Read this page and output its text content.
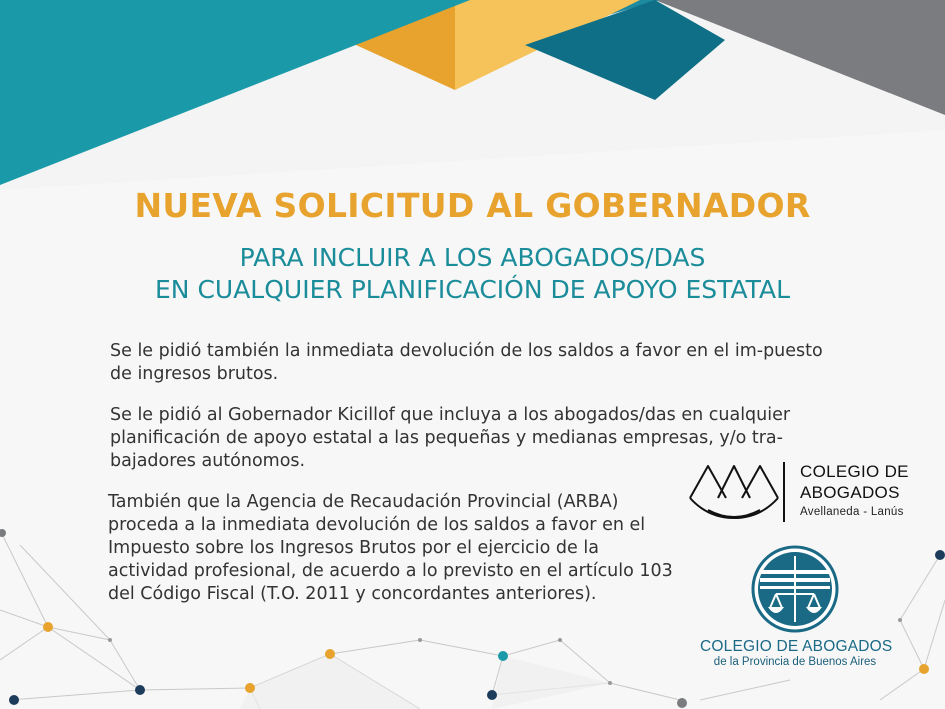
NUEVA SOLICITUD AL GOBERNADOR
PARA INCLUIR A LOS ABOGADOS/DAS
EN CUALQUIER PLANIFICACIÓN DE APOYO ESTATAL

Se le pidió también la inmediata devolución de los saldos a favor en el im-puesto de ingresos brutos.

Se le pidió al Gobernador Kicillof que incluya a los abogados/das en cualquier planificación de apoyo estatal a las pequeñas y medianas empresas, y/o tra-bajadores autónomos.

También que la Agencia de Recaudación Provincial (ARBA) proceda a la inmediata devolución de los saldos a favor en el Impuesto sobre los Ingresos Brutos por el ejercicio de la actividad profesional, de acuerdo a lo previsto en el artículo 103 del Código Fiscal (T.O. 2011 y concordantes anteriores).

COLEGIO DE
ABOGADOS
Avellaneda - Lanús
COLEGIO DE ABOGADOS
de la Provincia de Buenos Aires
